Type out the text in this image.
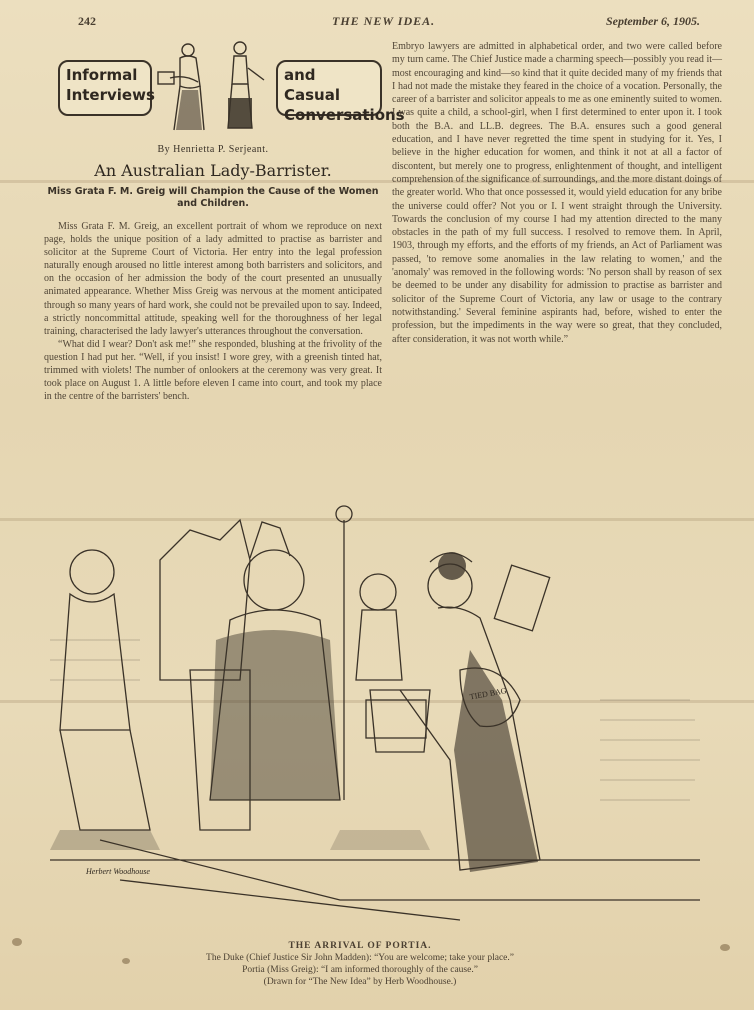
242	THE NEW IDEA.	September 6, 1905.
Informal Interviews
and Casual Conversations
By Henrietta P. Serjeant.
An Australian Lady-Barrister.
Miss Grata F. M. Greig will Champion the Cause of the Women and Children.

Miss Grata F. M. Greig, an excellent portrait of whom we reproduce on next page, holds the unique position of a lady admitted to practise as barrister and solicitor at the Supreme Court of Victoria. Her entry into the legal profession naturally enough aroused no little interest among both barristers and solicitors, and on the occasion of her admission the body of the court presented an unusually animated appearance. Whether Miss Greig was nervous at the moment anticipated through so many years of hard work, she could not be prevailed upon to say. Indeed, a strictly noncommittal attitude, speaking well for the thoroughness of her legal training, characterised the lady lawyer's utterances throughout the conversation.

“What did I wear? Don't ask me!” she responded, blushing at the frivolity of the question I had put her. “Well, if you insist! I wore grey, with a greenish tinted hat, trimmed with violets! The number of onlookers at the ceremony was very great. It took place on August 1. A little before eleven I came into court, and took my place in the centre of the barristers' bench.

Embryo lawyers are admitted in alphabetical order, and two were called before my turn came. The Chief Justice made a charming speech—possibly you read it—most encouraging and kind—so kind that it quite decided many of my friends that I had not made the mistake they feared in the choice of a vocation. Personally, the career of a barrister and solicitor appeals to me as one eminently suited to women. I was quite a child, a school-girl, when I first determined to enter upon it. I took both the B.A. and LL.B. degrees. The B.A. ensures such a good general education, and I have never regretted the time spent in studying for it. Yes, I believe in the higher education for women, and think it not at all a factor of discontent, but merely one to progress, enlightenment of thought, and intelligent comprehension of the significance of surroundings, and the more distant doings of the greater world. Who that once possessed it, would yield education for any bribe the universe could offer? Not you or I. I went straight through the University. Towards the conclusion of my course I had my attention directed to the many obstacles in the path of my full success. I resolved to remove them. In April, 1903, through my efforts, and the efforts of my friends, an Act of Parliament was passed, 'to remove some anomalies in the law relating to women,' and the 'anomaly' was removed in the following words: 'No person shall by reason of sex be deemed to be under any disability for admission to practise as barrister and solicitor of the Supreme Court of Victoria, any law or usage to the contrary notwithstanding.' Several feminine aspirants had, before, wished to enter the profession, but the impediments in the way were so great, that they concluded, after consideration, it was not worth while.”

TIED BAG
Herbert Woodhouse
THE ARRIVAL OF PORTIA.
The Duke (Chief Justice Sir John Madden): “You are welcome; take your place.”
Portia (Miss Greig): “I am informed thoroughly of the cause.”
(Drawn for “The New Idea” by Herb Woodhouse.)
